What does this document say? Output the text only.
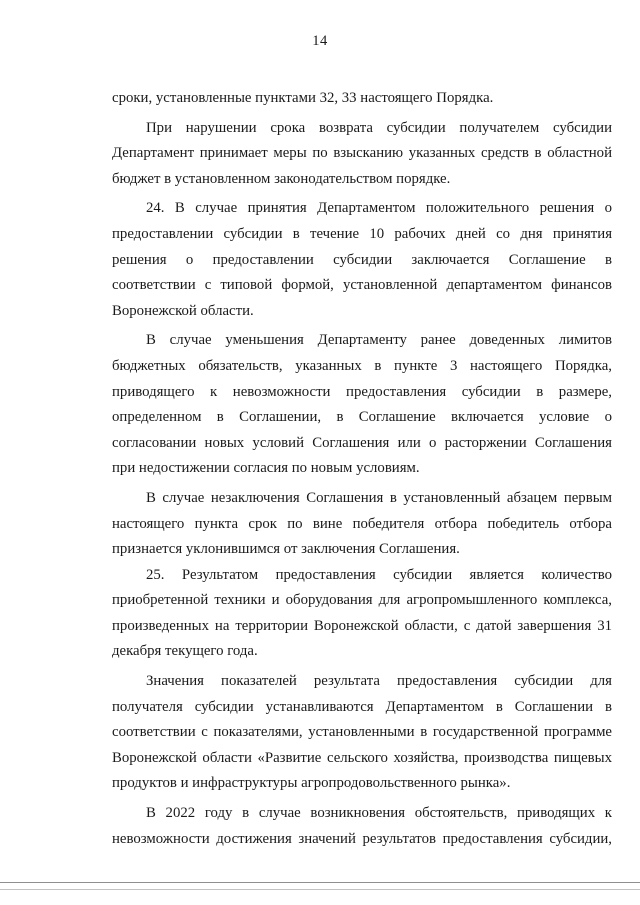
14
сроки, установленные пунктами 32, 33 настоящего Порядка.
При нарушении срока возврата субсидии получателем субсидии
Департамент принимает меры по взысканию указанных средств в областной
бюджет в установленном законодательством порядке.
24. В случае принятия Департаментом положительного решения о
предоставлении субсидии в течение 10 рабочих дней со дня принятия
решения о предоставлении субсидии заключается Соглашение в
соответствии с типовой формой, установленной департаментом финансов
Воронежской области.
В случае уменьшения Департаменту ранее доведенных лимитов
бюджетных обязательств, указанных в пункте 3 настоящего Порядка,
приводящего к невозможности предоставления субсидии в размере,
определенном в Соглашении, в Соглашение включается условие о
согласовании новых условий Соглашения или о расторжении Соглашения
при недостижении согласия по новым условиям.
В случае незаключения Соглашения в установленный абзацем первым
настоящего пункта срок по вине победителя отбора победитель отбора
признается уклонившимся от заключения Соглашения.
25. Результатом предоставления субсидии является количество
приобретенной техники и оборудования для агропромышленного комплекса,
произведенных на территории Воронежской области, с датой завершения 31
декабря текущего года.
Значения показателей результата предоставления субсидии для
получателя субсидии устанавливаются Департаментом в Соглашении в
соответствии с показателями, установленными в государственной программе
Воронежской области «Развитие сельского хозяйства, производства пищевых
продуктов и инфраструктуры агропродовольственного рынка».
В 2022 году в случае возникновения обстоятельств, приводящих к
невозможности достижения значений результатов предоставления субсидии,
